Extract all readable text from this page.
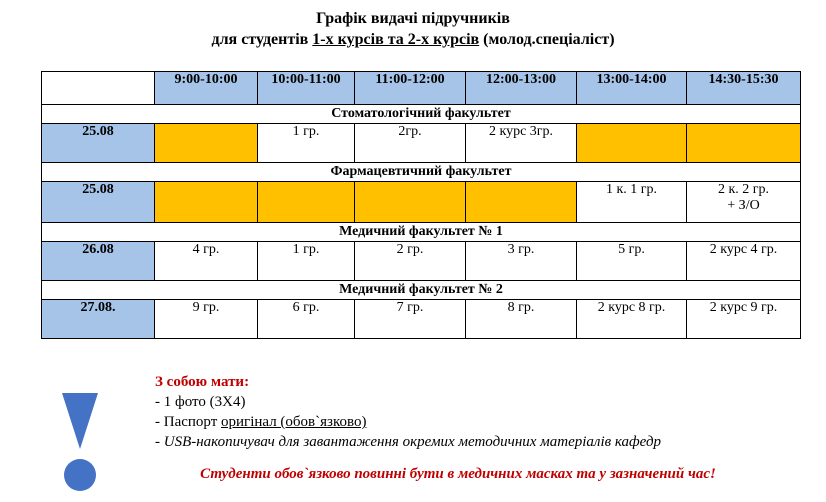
Графік видачі підручників
для студентів 1-х курсів та 2-х курсів (молод.спеціаліст)
	9:00-10:00	10:00-11:00	11:00-12:00	12:00-13:00	13:00-14:00	14:30-15:30
Стоматологічний факультет						
25.08		1 гр.	2гр.	2 курс 3гр.		
Фармацевтичний факультет						
25.08					1 к. 1 гр.	2 к. 2 гр.
+ З/О

Медичний факультет № 1						
26.08	4 гр.	1 гр.	2 гр.	3 гр.	5 гр.	2 курс 4 гр.
Медичний факультет № 2						
27.08.	9 гр.	6 гр.	7 гр.	8 гр.	2 курс 8 гр.	2 курс 9 гр.
З собою мати:
- 1 фото (3Х4)
- Паспорт оригінал (обов`язково)
- USB-накопичувач для завантаження окремих методичних матеріалів кафедр
Студенти обов`язково повинні бути в медичних масках та у зазначений час!
